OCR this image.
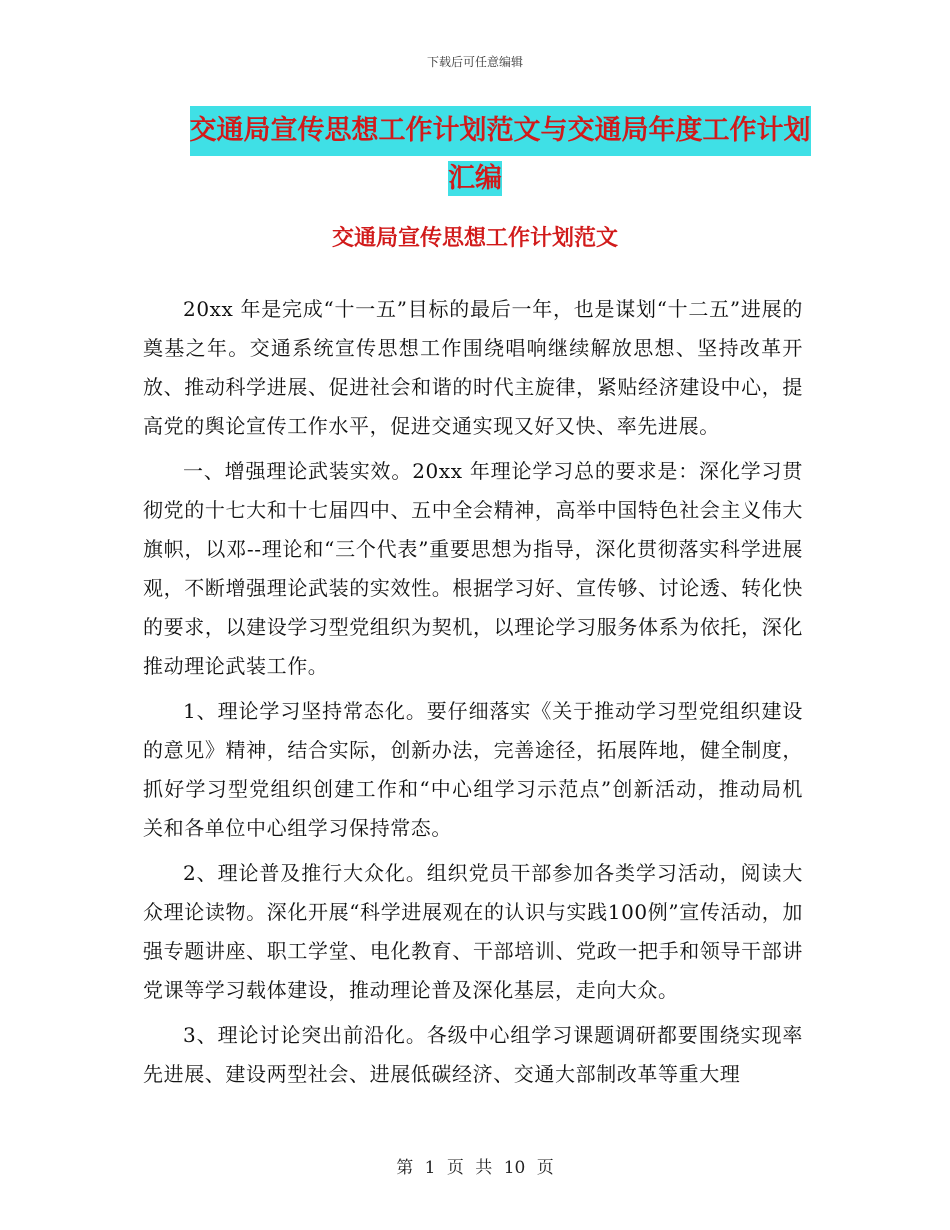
下载后可任意编辑
交通局宣传思想工作计划范文与交通局年度工作计划
汇编
交通局宣传思想工作计划范文

20xx 年是完成“十一五”目标的最后一年，也是谋划“十二五”进展的奠基之年。交通系统宣传思想工作围绕唱响继续解放思想、坚持改革开放、推动科学进展、促进社会和谐的时代主旋律，紧贴经济建设中心，提高党的舆论宣传工作水平，促进交通实现又好又快、率先进展。

一、增强理论武装实效。20xx 年理论学习总的要求是：深化学习贯彻党的十七大和十七届四中、五中全会精神，高举中国特色社会主义伟大旗帜，以邓--理论和“三个代表”重要思想为指导，深化贯彻落实科学进展观，不断增强理论武装的实效性。根据学习好、宣传够、讨论透、转化快的要求，以建设学习型党组织为契机，以理论学习服务体系为依托，深化推动理论武装工作。

1、理论学习坚持常态化。要仔细落实《关于推动学习型党组织建设的意见》精神，结合实际，创新办法，完善途径，拓展阵地，健全制度，抓好学习型党组织创建工作和“中心组学习示范点”创新活动，推动局机关和各单位中心组学习保持常态。

2、理论普及推行大众化。组织党员干部参加各类学习活动，阅读大众理论读物。深化开展“科学进展观在的认识与实践100例”宣传活动，加强专题讲座、职工学堂、电化教育、干部培训、党政一把手和领导干部讲党课等学习载体建设，推动理论普及深化基层，走向大众。

3、理论讨论突出前沿化。各级中心组学习课题调研都要围绕实现率先进展、建设两型社会、进展低碳经济、交通大部制改革等重大理

第 1 页 共 10 页
